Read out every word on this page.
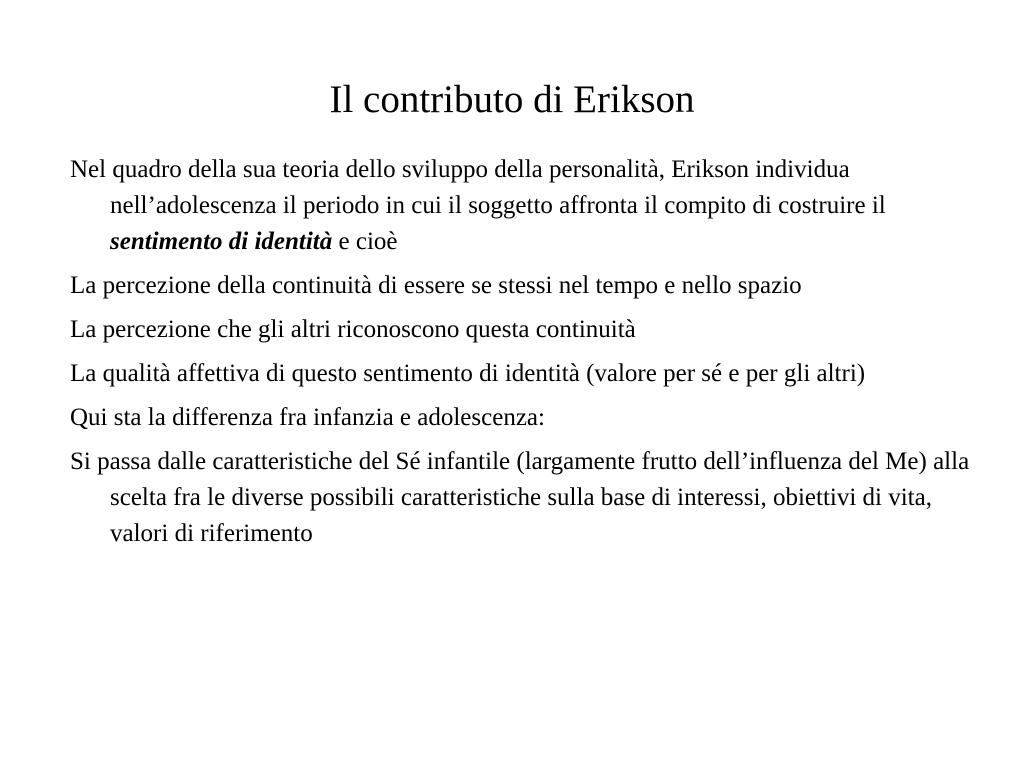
Il contributo di Erikson

Nel quadro della sua teoria dello sviluppo della personalità, Erikson individua nell’adolescenza il periodo in cui il soggetto affronta il compito di costruire il sentimento di identità e cioè

La percezione della continuità di essere se stessi nel tempo e nello spazio

La percezione che gli altri riconoscono questa continuità

La qualità affettiva di questo sentimento di identità (valore per sé e per gli altri)

Qui sta la differenza fra infanzia e adolescenza:

Si passa dalle caratteristiche del Sé infantile (largamente frutto dell’influenza del Me) alla scelta fra le diverse possibili caratteristiche sulla base di interessi, obiettivi di vita, valori di riferimento
